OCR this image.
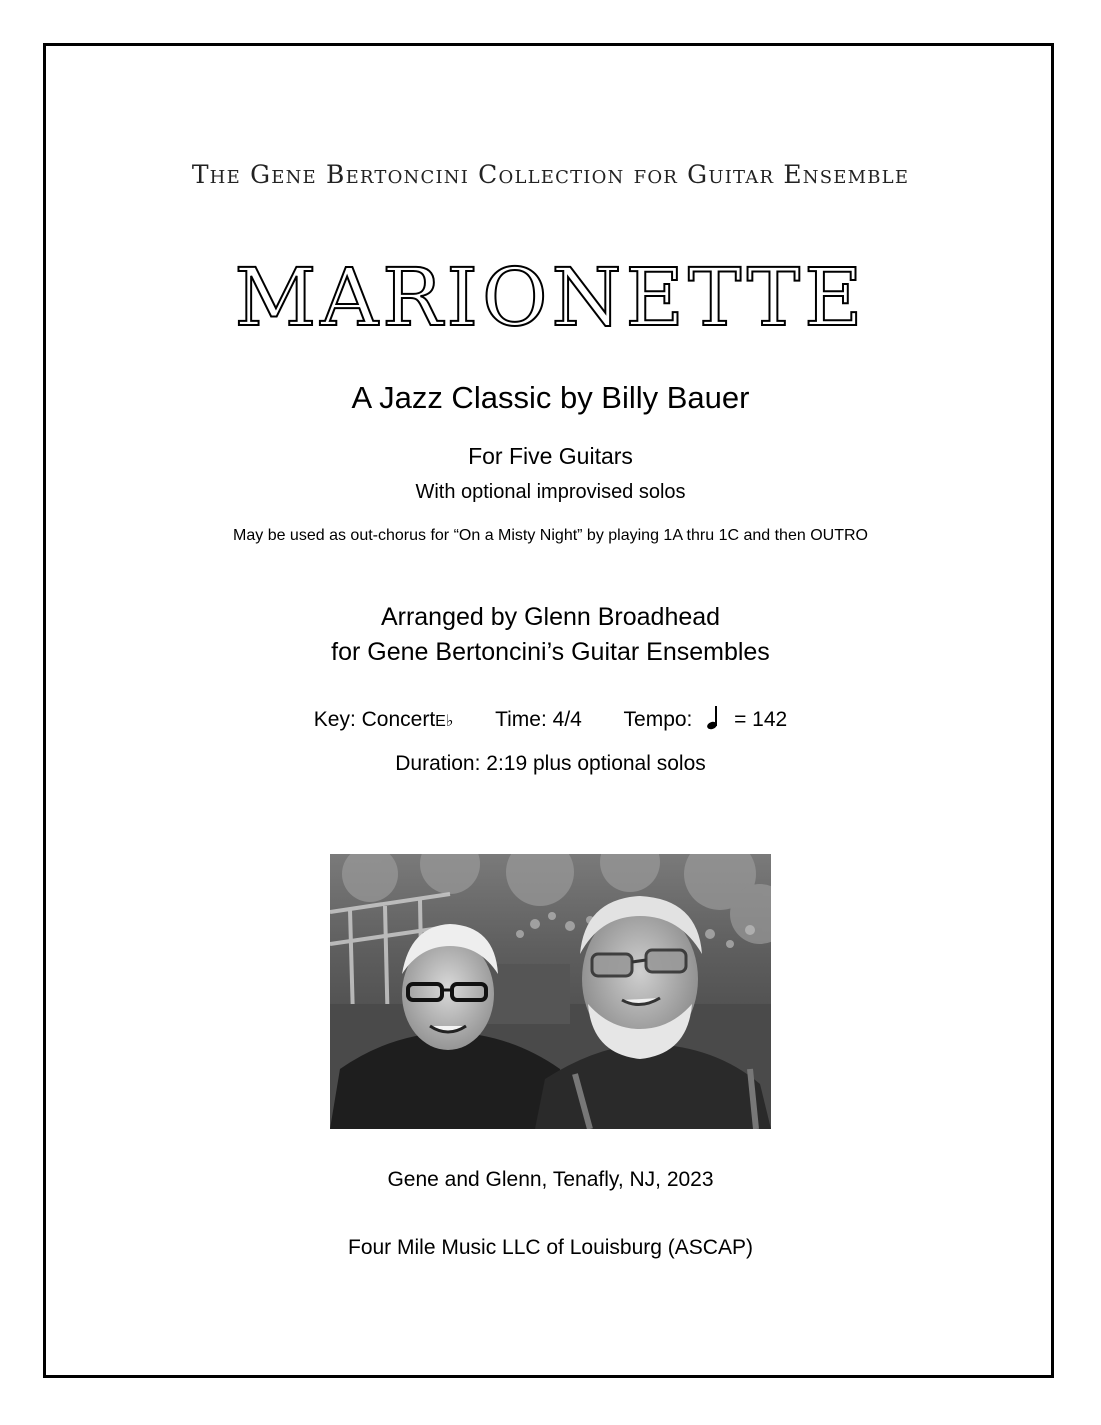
The Gene Bertoncini Collection for Guitar Ensemble
MARIONETTE
A Jazz Classic by Billy Bauer
For Five Guitars
With optional improvised solos
May be used as out-chorus for “On a Misty Night” by playing 1A thru 1C and then OUTRO
Arranged by Glenn Broadhead
for Gene Bertoncini’s Guitar Ensembles
Key: ConcertE♭ Time: 4/4 Tempo: = 142
Duration: 2:19 plus optional solos
Gene and Glenn, Tenafly, NJ, 2023
Four Mile Music LLC of Louisburg (ASCAP)
